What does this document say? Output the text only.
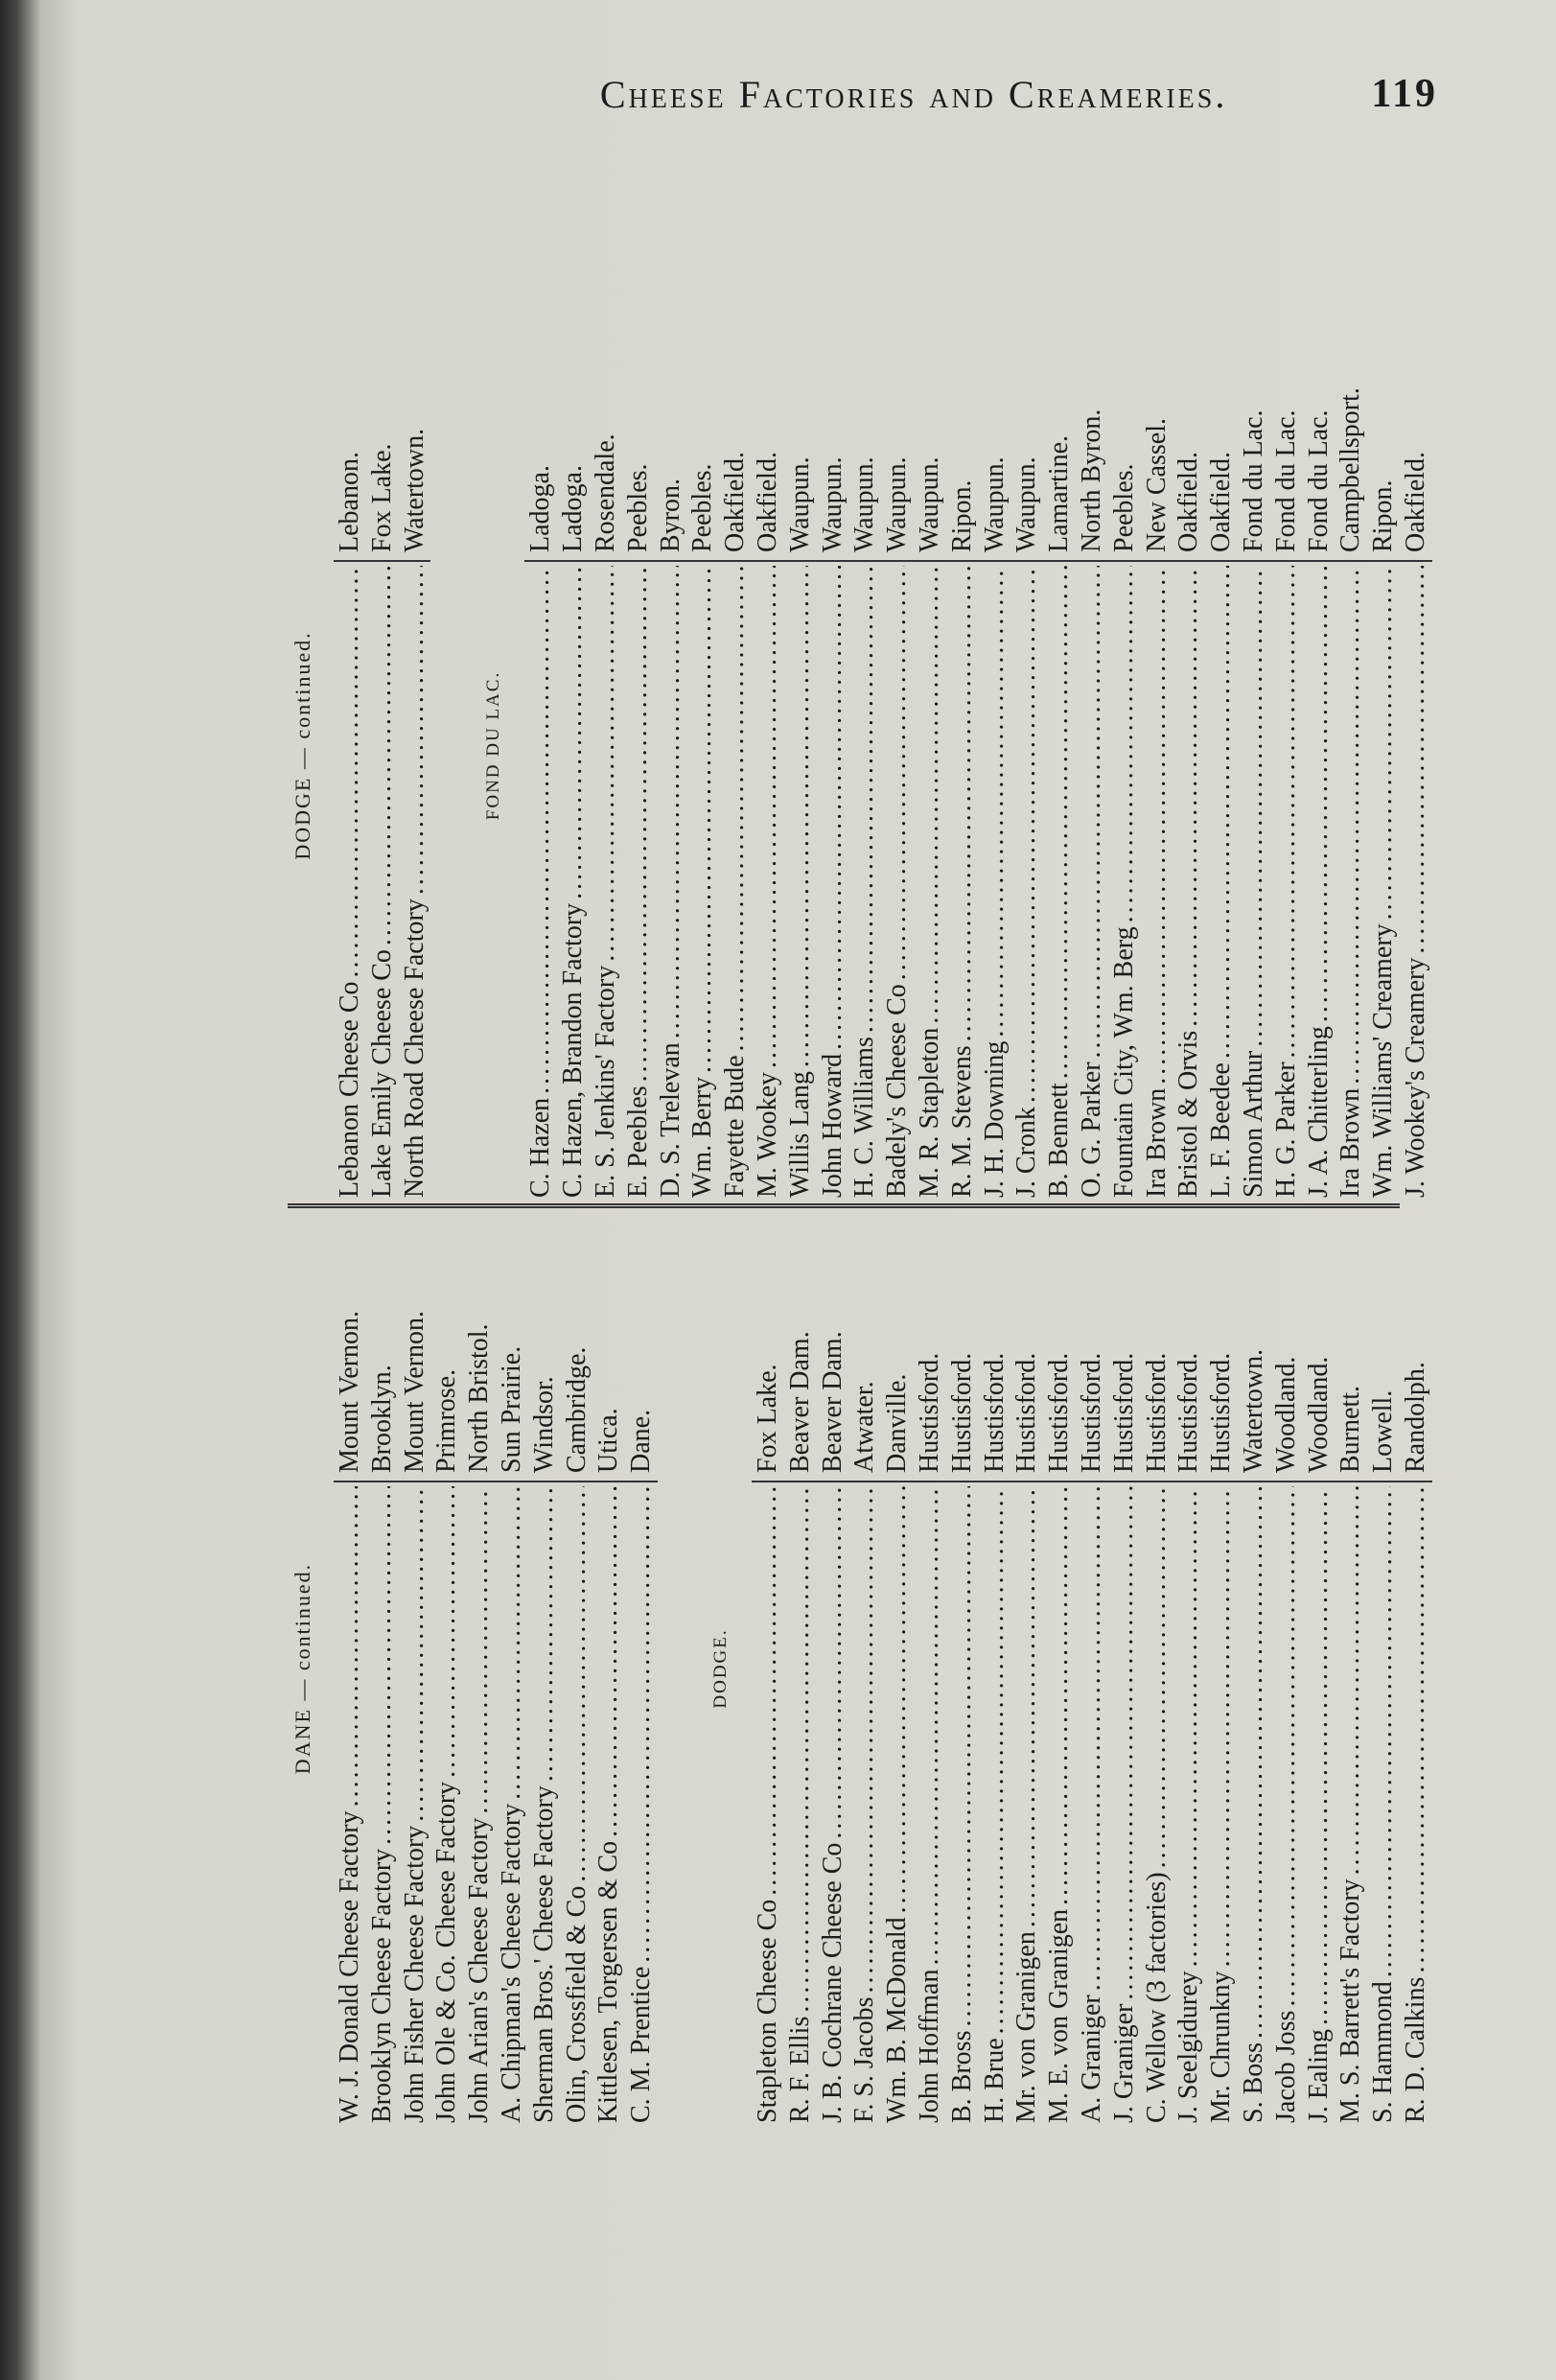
Cheese Factories and Creameries.	119
DANE — continued.
W. J. Donald Cheese Factory
.....
Mount Vernon.
Brooklyn Cheese Factory
.....
Brooklyn.
John Fisher Cheese Factory
.....
Mount Vernon.
John Ole & Co. Cheese Factory
.....
Primrose.
John Arian's Cheese Factory
.....
North Bristol.
A. Chipman's Cheese Factory
.....
Sun Prairie.
Sherman Bros.' Cheese Factory
.....
Windsor.
Olin, Crossfield & Co
.....
Cambridge.
Kittlesen, Torgersen & Co
.....
Utica.
C. M. Prentice
.....
Dane.
DODGE.
Stapleton Cheese Co
.....
Fox Lake.
R. F. Ellis
.....
Beaver Dam.
J. B. Cochrane Cheese Co
.....
Beaver Dam.
F. S. Jacobs
.....
Atwater.
Wm. B. McDonald
.....
Danville.
John Hoffman
.....
Hustisford.
B. Bross
.....
Hustisford.
H. Brue
.....
Hustisford.
Mr. von Granigen
.....
Hustisford.
M. E. von Granigen
.....
Hustisford.
A. Graniger
.....
Hustisford.
J. Graniger
.....
Hustisford.
C. Wellow (3 factories)
.....
Hustisford.
J. Seelgidurey
.....
Hustisford.
Mr. Chrunkny
.....
Hustisford.
S. Boss
.....
Watertown.
Jacob Joss
.....
Woodland.
J. Ealing
.....
Woodland.
M. S. Barrett's Factory
.....
Burnett.
S. Hammond
.....
Lowell.
R. D. Calkins
.....
Randolph.
DODGE — continued.
Lebanon Cheese Co
.....
Lebanon.
Lake Emily Cheese Co
.....
Fox Lake.
North Road Cheese Factory
.....
Watertown.
FOND DU LAC.
C. Hazen
.....
Ladoga.
C. Hazen, Brandon Factory
.....
Ladoga.
E. S. Jenkins' Factory
.....
Rosendale.
E. Peebles
.....
Peebles.
D. S. Trelevan
.....
Byron.
Wm. Berry
.....
Peebles.
Fayette Bude
.....
Oakfield.
M. Wookey
.....
Oakfield.
Willis Lang
.....
Waupun.
John Howard
.....
Waupun.
H. C. Williams
.....
Waupun.
Badely's Cheese Co
.....
Waupun.
M. R. Stapleton
.....
Waupun.
R. M. Stevens
.....
Ripon.
J. H. Downing
.....
Waupun.
J. Cronk
.....
Waupun.
B. Bennett
.....
Lamartine.
O. G. Parker
.....
North Byron.
Fountain City, Wm. Berg
.....
Peebles.
Ira Brown
.....
New Cassel.
Bristol & Orvis
.....
Oakfield.
L. F. Beedee
.....
Oakfield.
Simon Arthur
.....
Fond du Lac.
H. G. Parker
.....
Fond du Lac.
J. A. Chitterling
.....
Fond du Lac.
Ira Brown
.....
Campbellsport.
Wm. Williams' Creamery
.....
Ripon.
J. Wookey's Creamery
.....
Oakfield.
